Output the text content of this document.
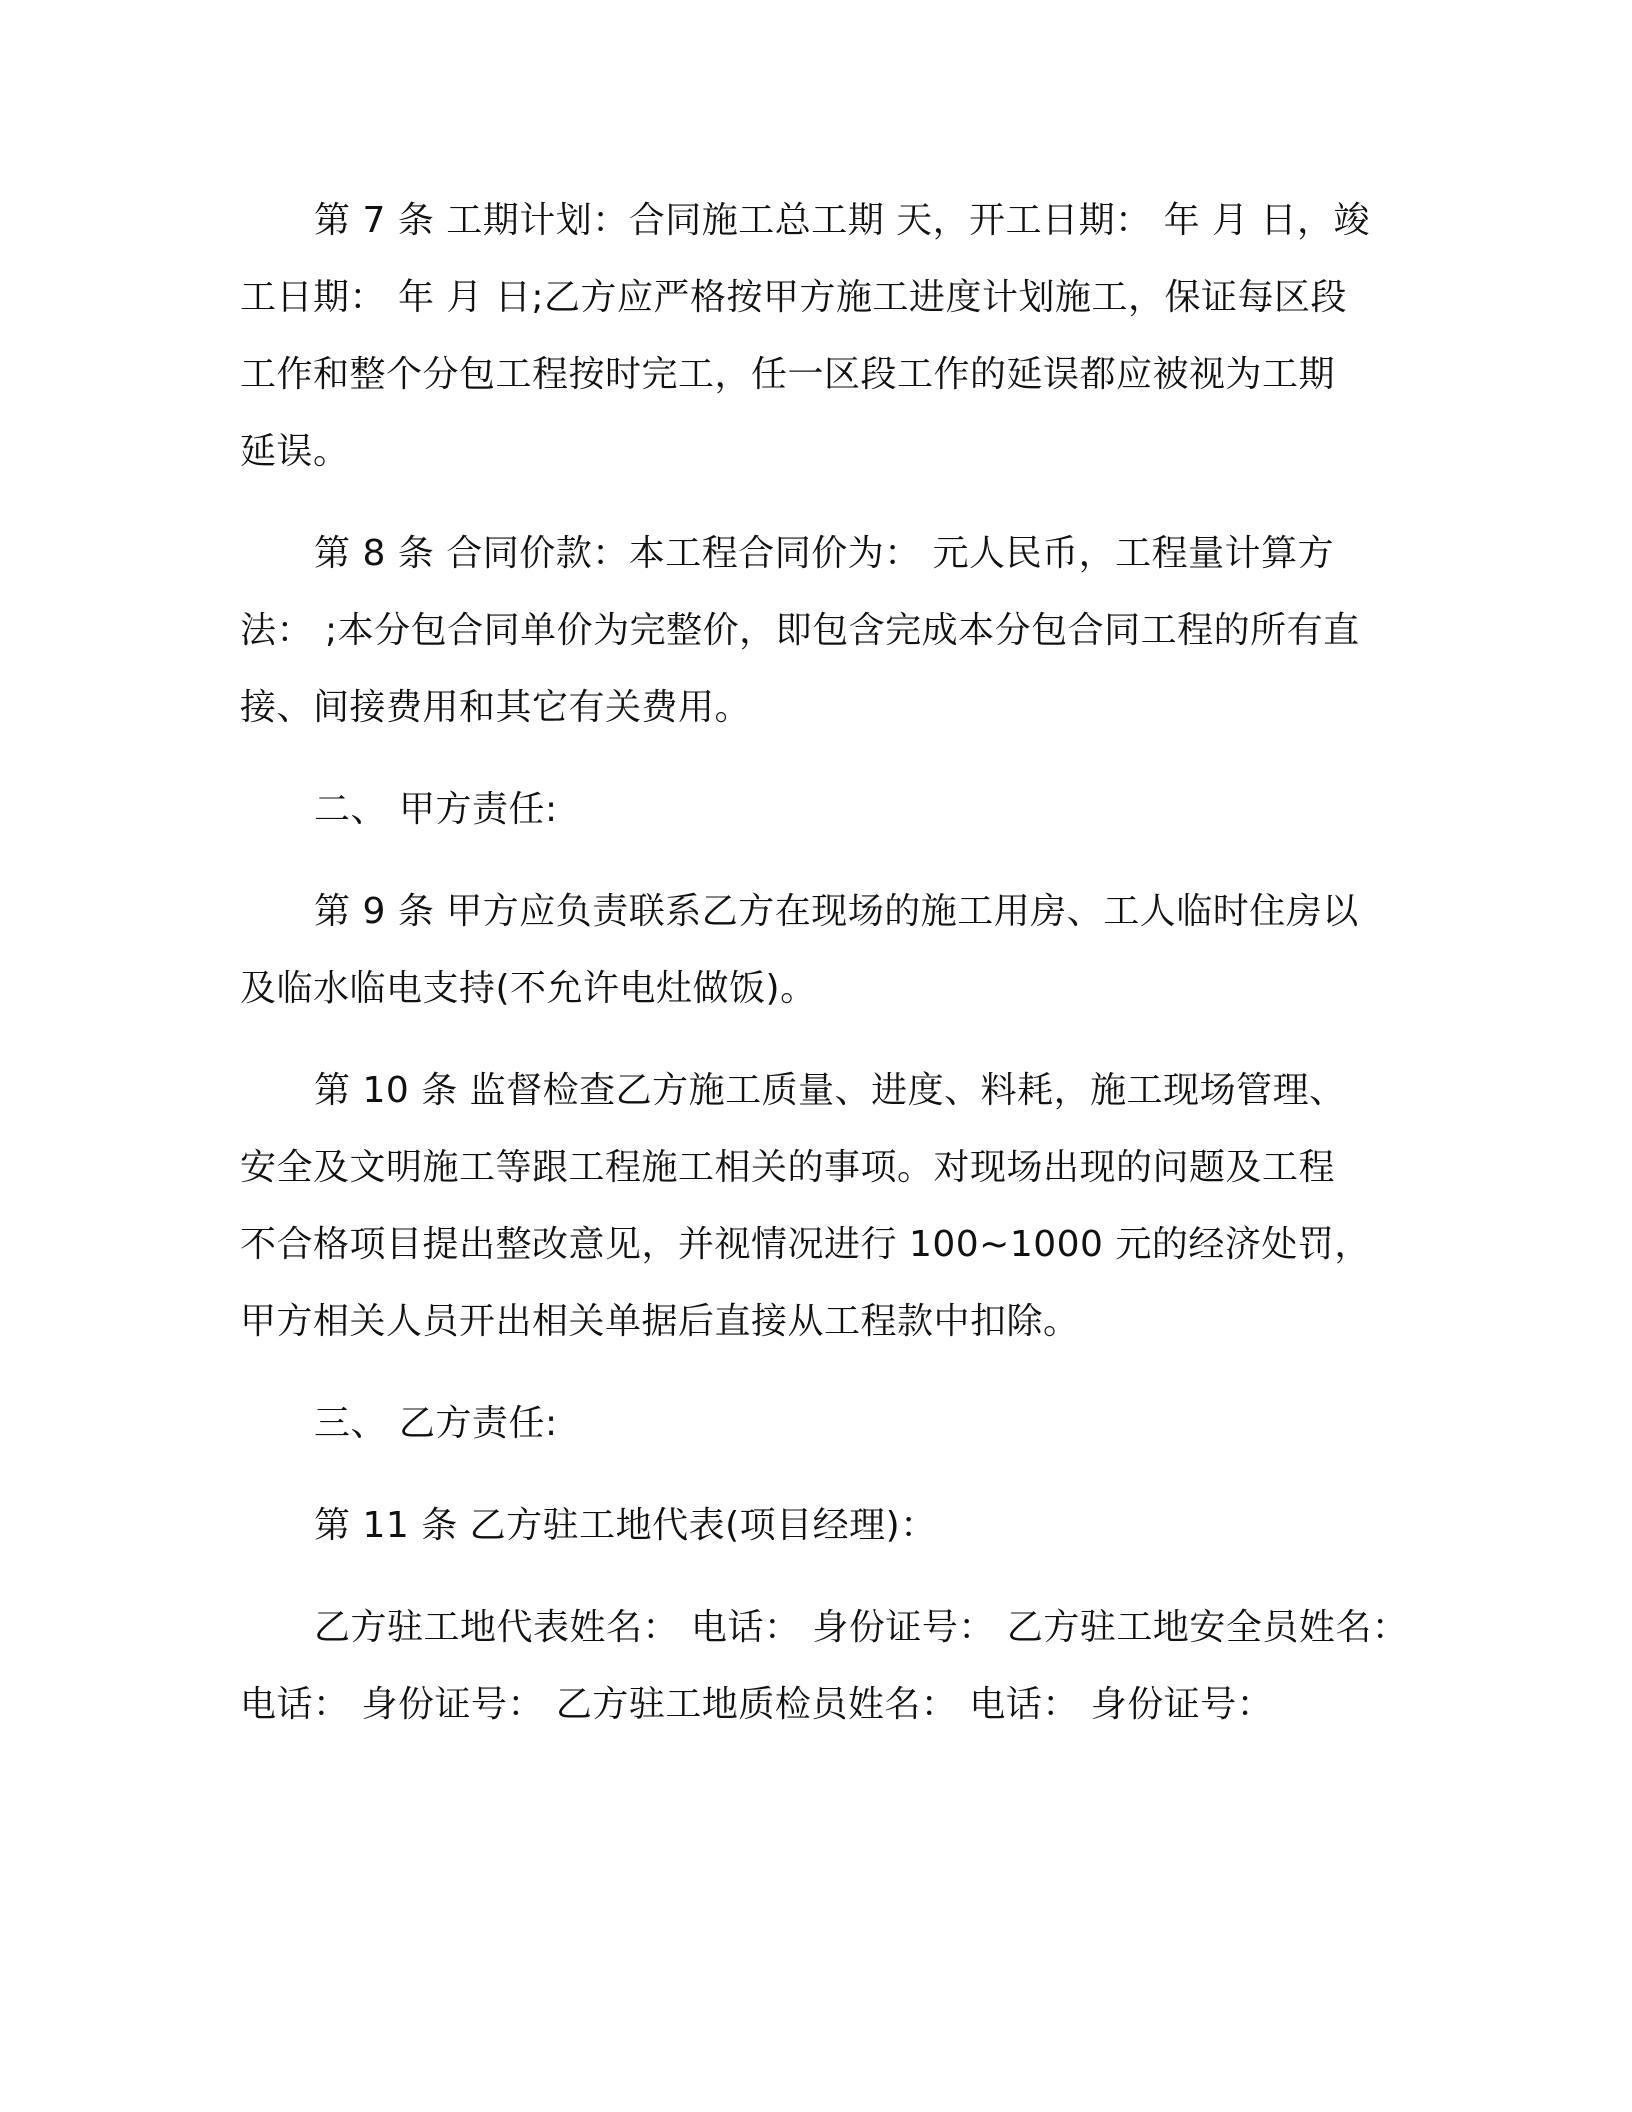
第 7 条 工期计划：合同施工总工期 天，开工日期： 年 月 日，竣
工日期： 年 月 日;乙方应严格按甲方施工进度计划施工，保证每区段
工作和整个分包工程按时完工，任一区段工作的延误都应被视为工期
延误。
第 8 条 合同价款：本工程合同价为： 元人民币，工程量计算方
法： ;本分包合同单价为完整价，即包含完成本分包合同工程的所有直
接、间接费用和其它有关费用。
二、 甲方责任:
第 9 条 甲方应负责联系乙方在现场的施工用房、工人临时住房以
及临水临电支持(不允许电灶做饭)。
第 10 条 监督检查乙方施工质量、进度、料耗，施工现场管理、
安全及文明施工等跟工程施工相关的事项。对现场出现的问题及工程
不合格项目提出整改意见，并视情况进行 100~1000 元的经济处罚，
甲方相关人员开出相关单据后直接从工程款中扣除。
三、 乙方责任:
第 11 条 乙方驻工地代表(项目经理)：
乙方驻工地代表姓名： 电话： 身份证号： 乙方驻工地安全员姓名：
电话： 身份证号： 乙方驻工地质检员姓名： 电话： 身份证号：
